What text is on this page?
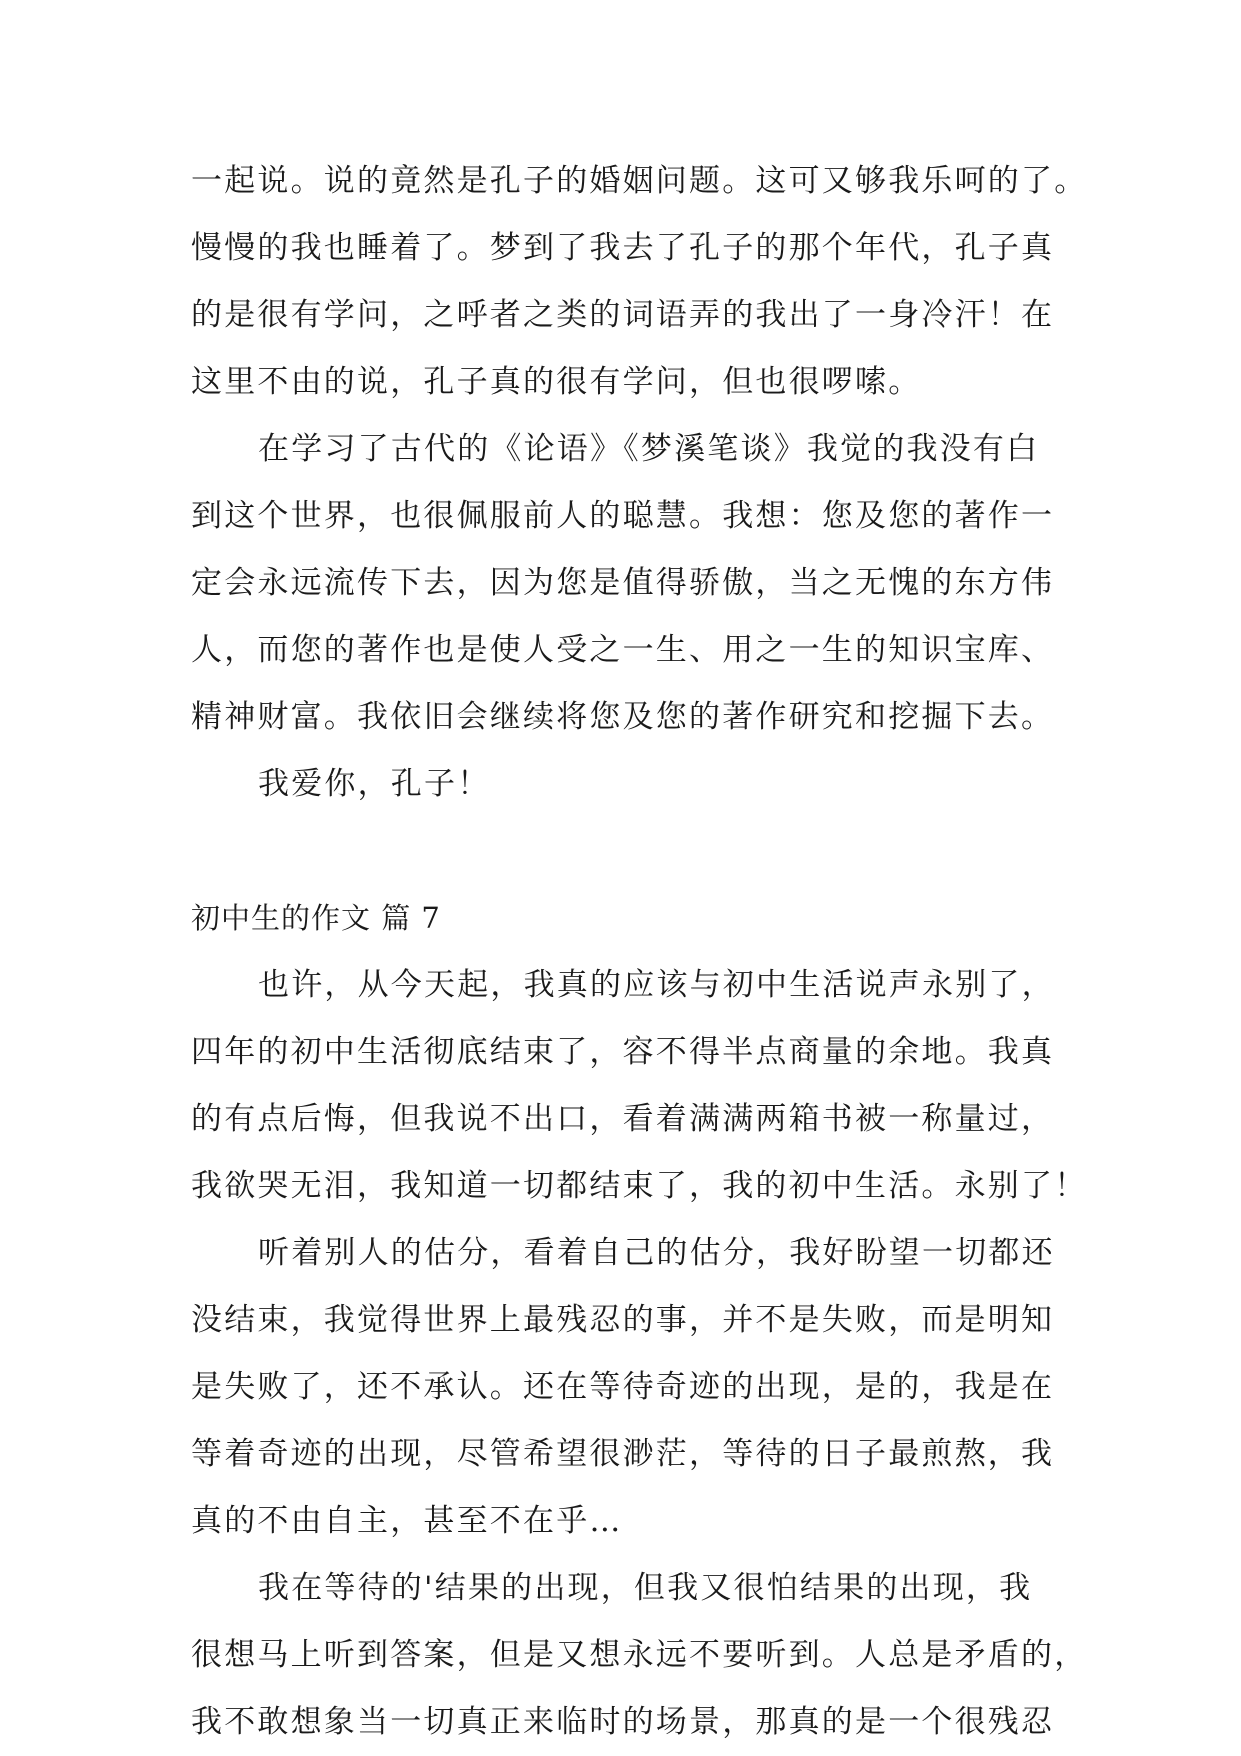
一起说。说的竟然是孔子的婚姻问题。这可又够我乐呵的了。
慢慢的我也睡着了。梦到了我去了孔子的那个年代，孔子真
的是很有学问，之呼者之类的词语弄的我出了一身冷汗！在
这里不由的说，孔子真的很有学问，但也很啰嗦。
在学习了古代的《论语》《梦溪笔谈》我觉的我没有白
到这个世界，也很佩服前人的聪慧。我想：您及您的著作一
定会永远流传下去，因为您是值得骄傲，当之无愧的东方伟
人，而您的著作也是使人受之一生、用之一生的知识宝库、
精神财富。我依旧会继续将您及您的著作研究和挖掘下去。
我爱你，孔子！
初中生的作文 篇 7
也许，从今天起，我真的应该与初中生活说声永别了，
四年的初中生活彻底结束了，容不得半点商量的余地。我真
的有点后悔，但我说不出口，看着满满两箱书被一称量过，
我欲哭无泪，我知道一切都结束了，我的初中生活。永别了！
听着别人的估分，看着自己的估分，我好盼望一切都还
没结束，我觉得世界上最残忍的事，并不是失败，而是明知
是失败了，还不承认。还在等待奇迹的出现，是的，我是在
等着奇迹的出现，尽管希望很渺茫，等待的日子最煎熬，我
真的不由自主，甚至不在乎…
我在等待的'结果的出现，但我又很怕结果的出现，我
很想马上听到答案，但是又想永远不要听到。人总是矛盾的，
我不敢想象当一切真正来临时的场景，那真的是一个很残忍
